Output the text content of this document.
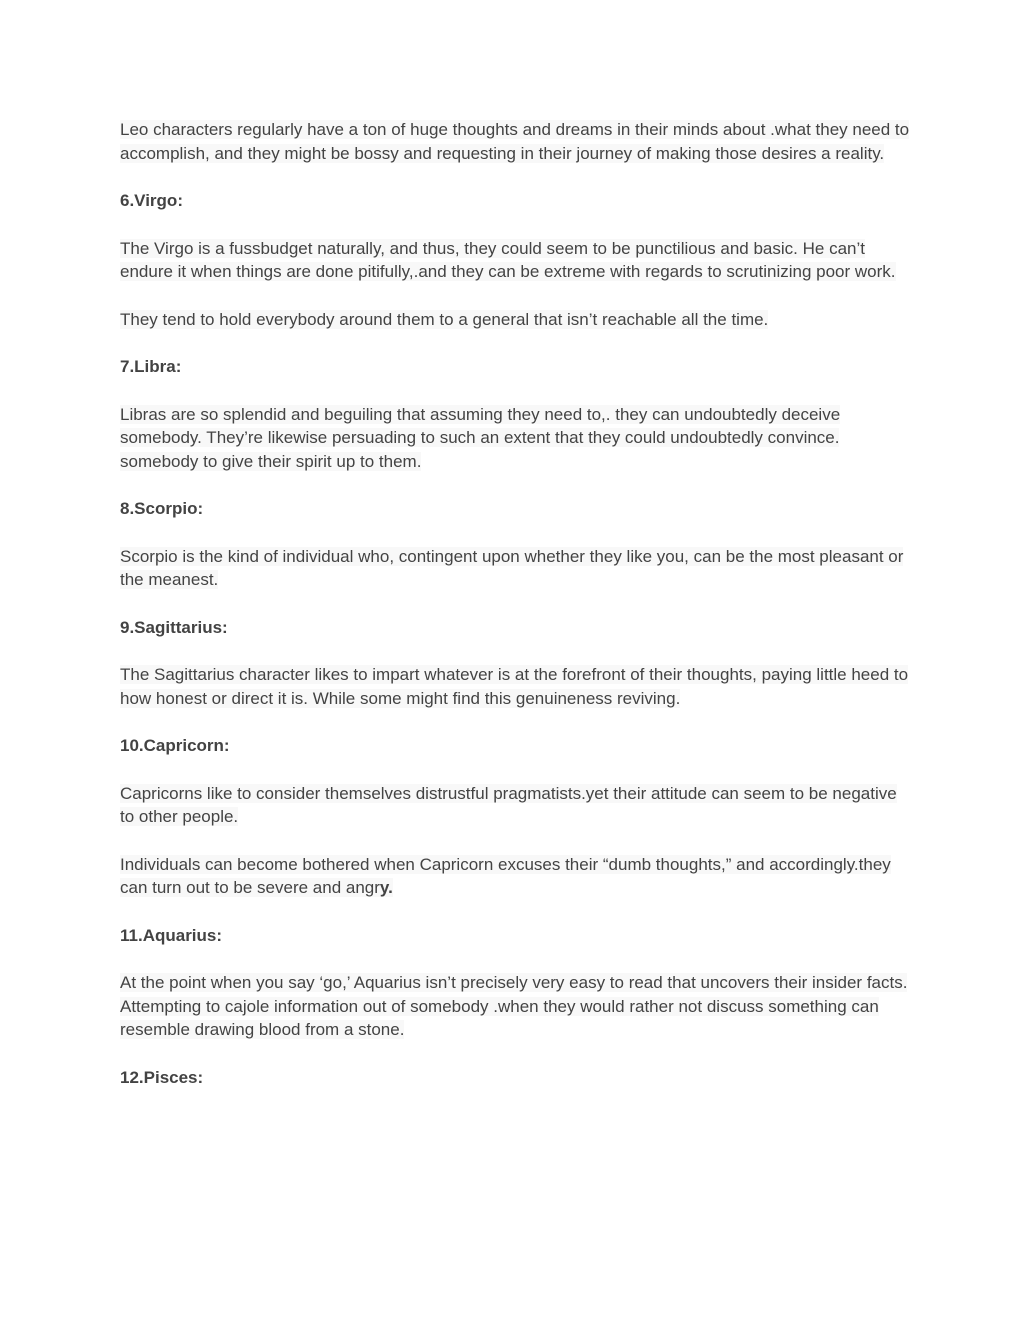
Leo characters regularly have a ton of huge thoughts and dreams in their minds about .what they need to accomplish, and they might be bossy and requesting in their journey of making those desires a reality.

6.Virgo:

The Virgo is a fussbudget naturally, and thus, they could seem to be punctilious and basic. He can’t endure it when things are done pitifully,.and they can be extreme with regards to scrutinizing poor work.

They tend to hold everybody around them to a general that isn’t reachable all the time.

7.Libra:

Libras are so splendid and beguiling that assuming they need to,. they can undoubtedly deceive somebody. They’re likewise persuading to such an extent that they could undoubtedly convince. somebody to give their spirit up to them.

8.Scorpio:

Scorpio is the kind of individual who, contingent upon whether they like you, can be the most pleasant or the meanest.

9.Sagittarius:

The Sagittarius character likes to impart whatever is at the forefront of their thoughts, paying little heed to how honest or direct it is. While some might find this genuineness reviving.

10.Capricorn:

Capricorns like to consider themselves distrustful pragmatists.yet their attitude can seem to be negative to other people.

Individuals can become bothered when Capricorn excuses their “dumb thoughts,” and accordingly.they can turn out to be severe and angry.

11.Aquarius:

At the point when you say ‘go,’ Aquarius isn’t precisely very easy to read that uncovers their insider facts. Attempting to cajole information out of somebody .when they would rather not discuss something can resemble drawing blood from a stone.

12.Pisces:
